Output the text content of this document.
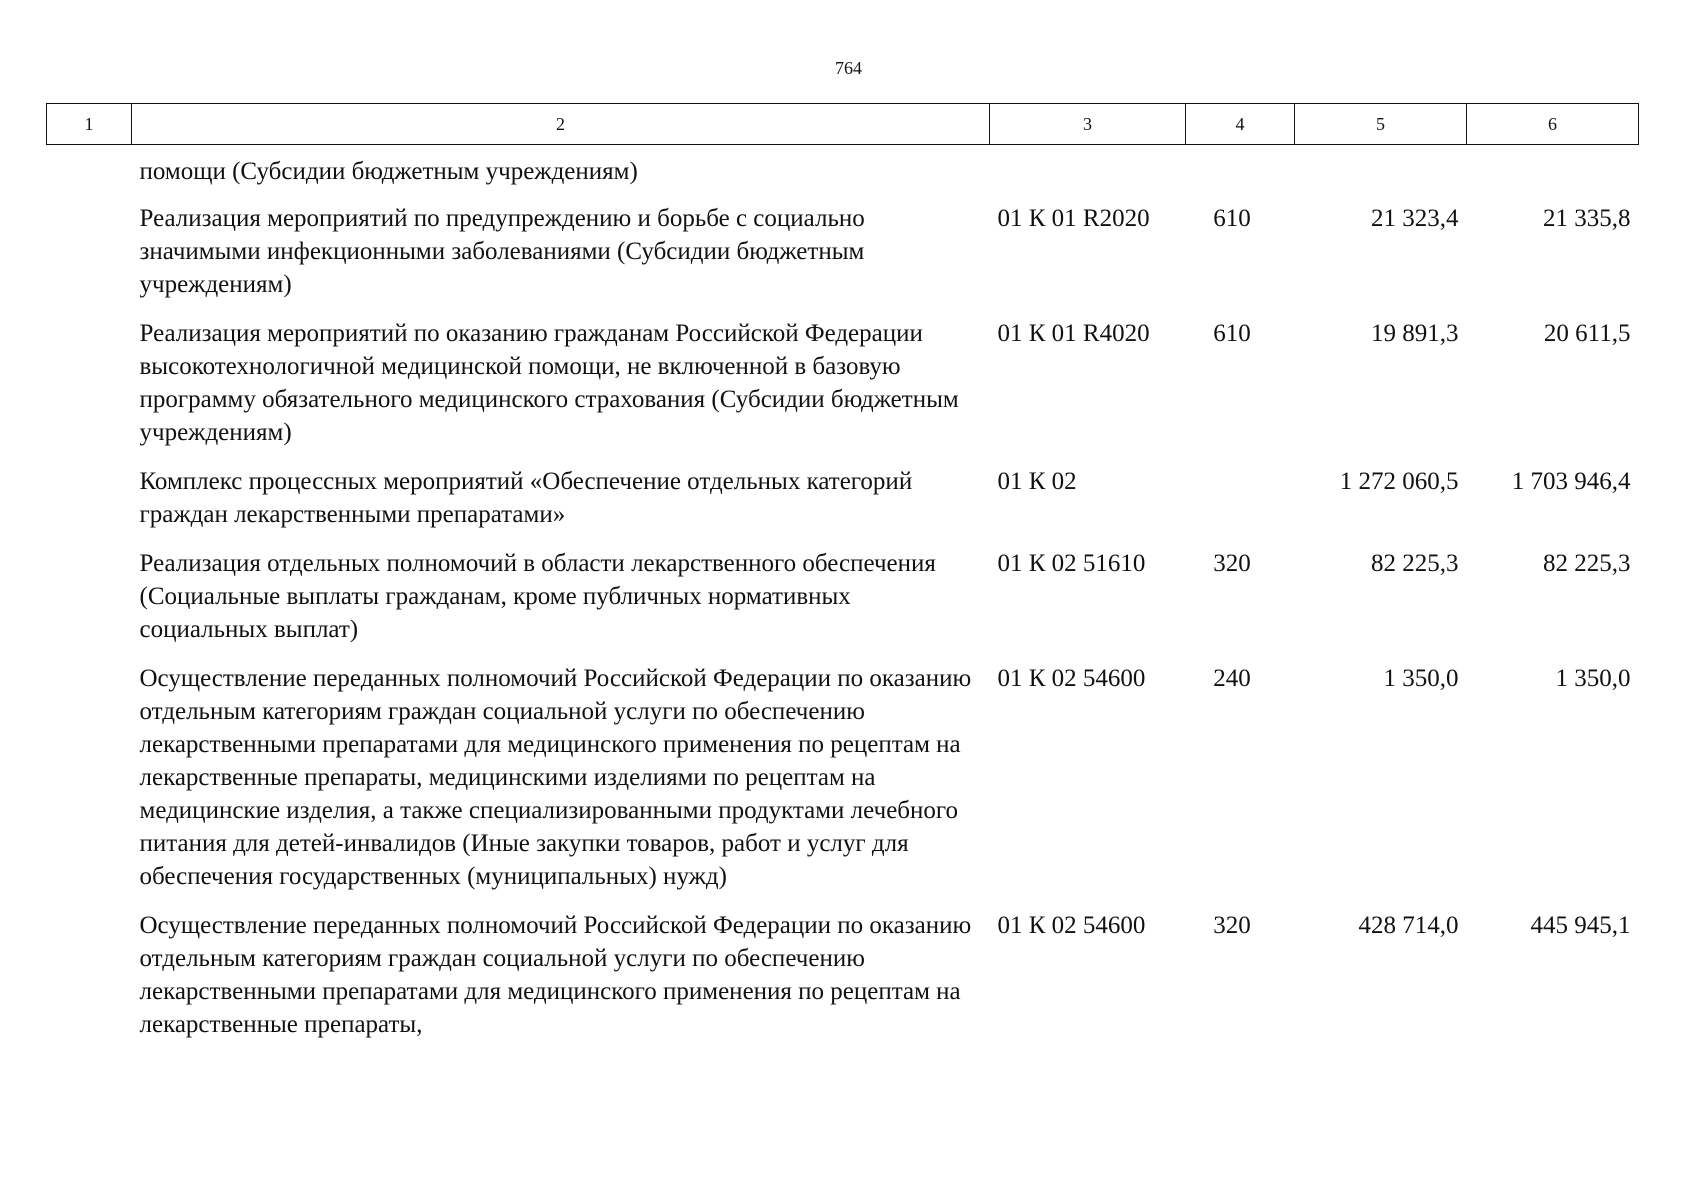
764
1	2	3	4	5	6
	помощи (Субсидии бюджетным учреждениям)				
	Реализация мероприятий по предупреждению и борьбе с социально значимыми инфекционными заболеваниями (Субсидии бюджетным учреждениям)	01 К 01 R2020	610	21 323,4	21 335,8
	Реализация мероприятий по оказанию гражданам Российской Федерации высокотехнологичной медицинской помощи, не включенной в базовую программу обязательного медицинского страхования (Субсидии бюджетным учреждениям)	01 К 01 R4020	610	19 891,3	20 611,5
	Комплекс процессных мероприятий «Обеспечение отдельных категорий граждан лекарственными препаратами»	01 К 02		1 272 060,5	1 703 946,4
	Реализация отдельных полномочий в области лекарственного обеспечения (Социальные выплаты гражданам, кроме публичных нормативных социальных выплат)	01 К 02 51610	320	82 225,3	82 225,3
	Осуществление переданных полномочий Российской Федерации по оказанию отдельным категориям граждан социальной услуги по обеспечению лекарственными препаратами для медицинского применения по рецептам на лекарственные препараты, медицинскими изделиями по рецептам на медицинские изделия, а также специализированными продуктами лечебного питания для детей-инвалидов (Иные закупки товаров, работ и услуг для обеспечения государственных (муниципальных) нужд)	01 К 02 54600	240	1 350,0	1 350,0
	Осуществление переданных полномочий Российской Федерации по оказанию отдельным категориям граждан социальной услуги по обеспечению лекарственными препаратами для медицинского применения по рецептам на лекарственные препараты,	01 К 02 54600	320	428 714,0	445 945,1
